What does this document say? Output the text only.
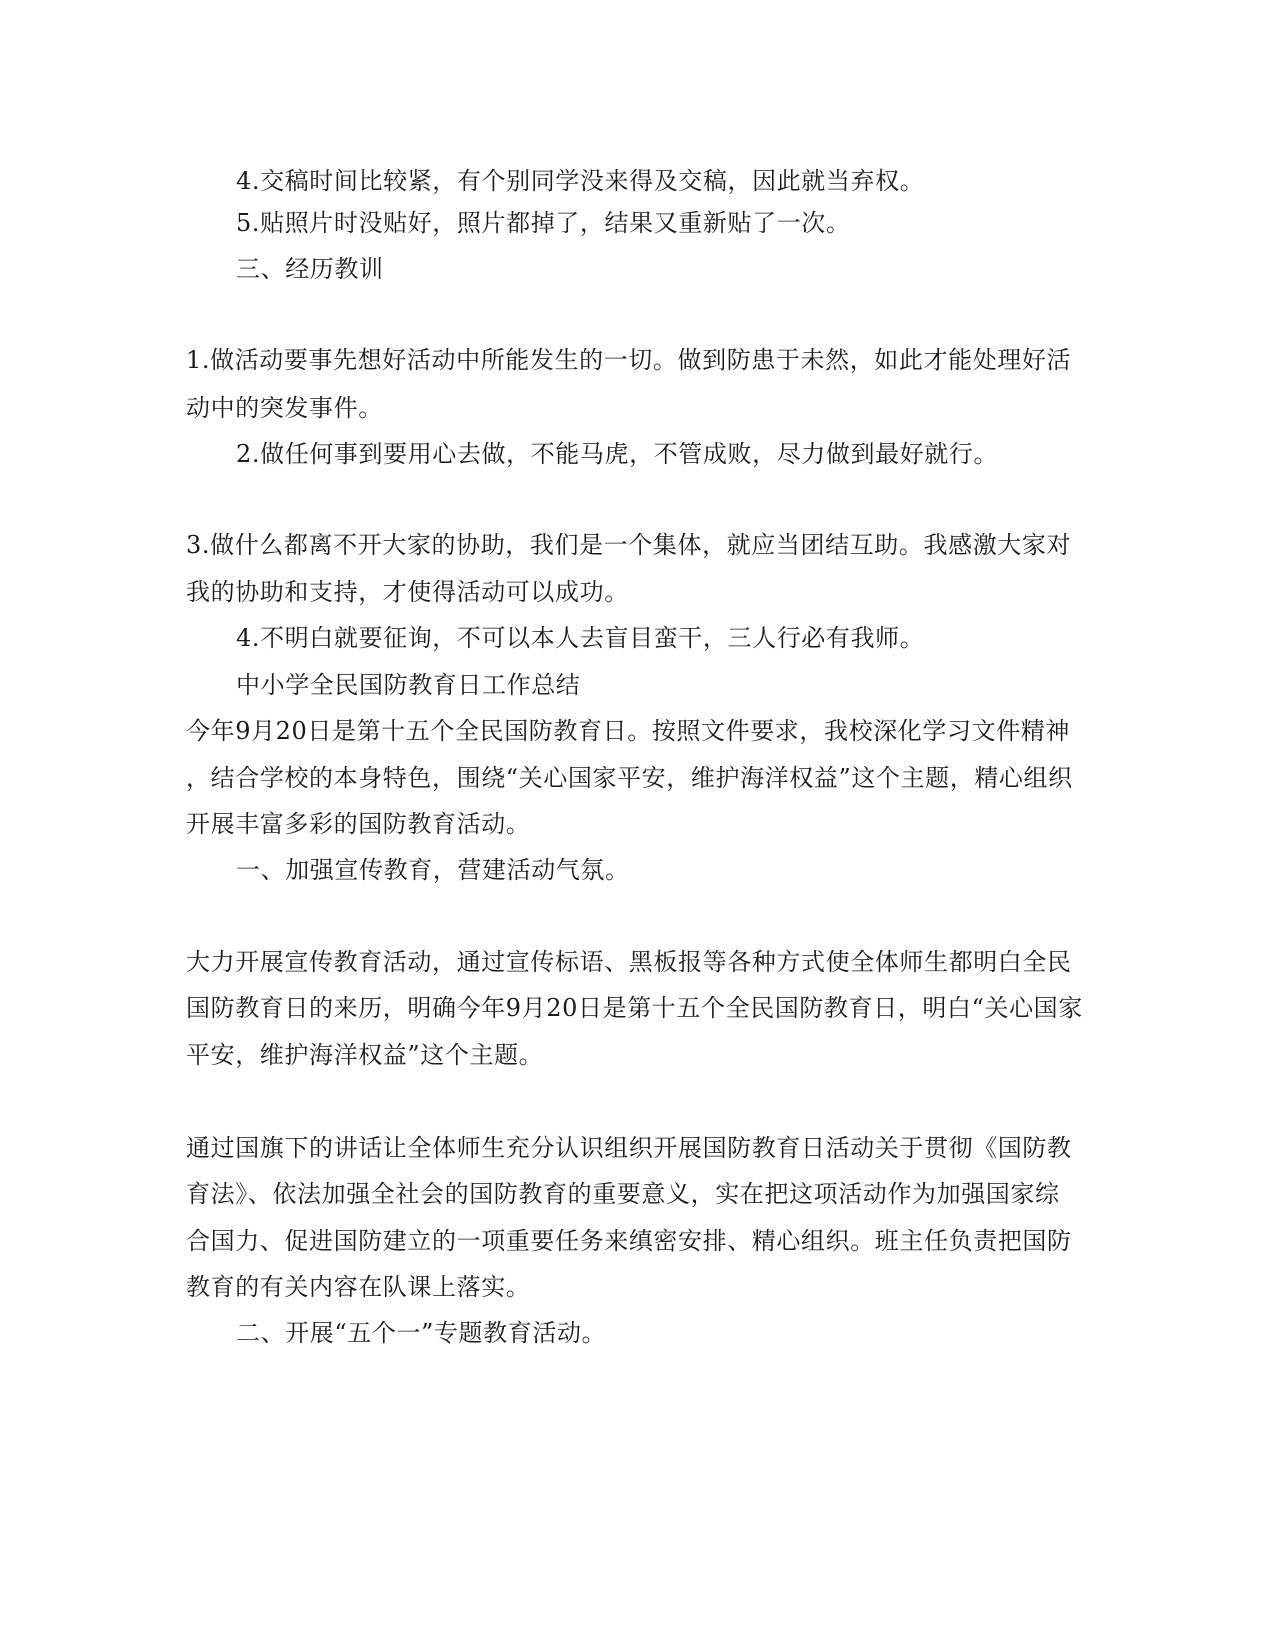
4.交稿时间比较紧，有个别同学没来得及交稿，因此就当弃权。
5.贴照片时没贴好，照片都掉了，结果又重新贴了一次。
三、经历教训
1.做活动要事先想好活动中所能发生的一切。做到防患于未然，如此才能处理好活
动中的突发事件。
2.做任何事到要用心去做，不能马虎，不管成败，尽力做到最好就行。
3.做什么都离不开大家的协助，我们是一个集体，就应当团结互助。我感激大家对
我的协助和支持，才使得活动可以成功。
4.不明白就要征询，不可以本人去盲目蛮干，三人行必有我师。
中小学全民国防教育日工作总结
今年9月20日是第十五个全民国防教育日。按照文件要求，我校深化学习文件精神
，结合学校的本身特色，围绕“关心国家平安，维护海洋权益”这个主题，精心组织
开展丰富多彩的国防教育活动。
一、加强宣传教育，营建活动气氛。
大力开展宣传教育活动，通过宣传标语、黑板报等各种方式使全体师生都明白全民
国防教育日的来历，明确今年9月20日是第十五个全民国防教育日，明白“关心国家
平安，维护海洋权益”这个主题。
通过国旗下的讲话让全体师生充分认识组织开展国防教育日活动关于贯彻《国防教
育法》、依法加强全社会的国防教育的重要意义，实在把这项活动作为加强国家综
合国力、促进国防建立的一项重要任务来缜密安排、精心组织。班主任负责把国防
教育的有关内容在队课上落实。
二、开展“五个一”专题教育活动。
